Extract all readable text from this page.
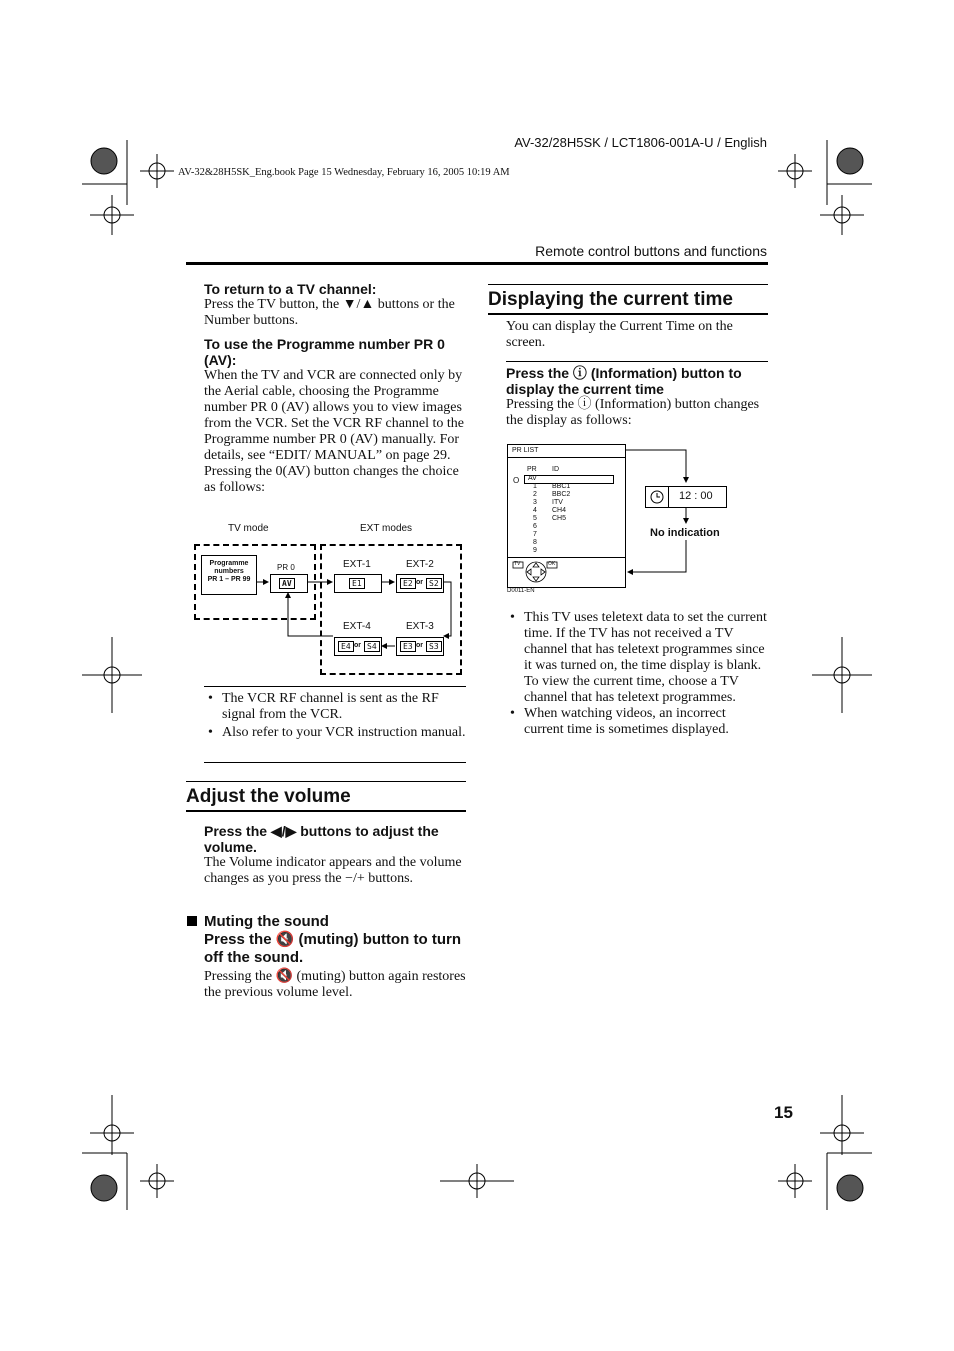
AV-32/28H5SK / LCT1806-001A-U / English
AV-32&28H5SK_Eng.book Page 15 Wednesday, February 16, 2005 10:19 AM
Remote control buttons and functions
To return to a TV channel:
Press the TV button, the ▼/▲ buttons or the Number buttons.
To use the Programme number PR 0 (AV):
When the TV and VCR are connected only by the Aerial cable, choosing the Programme number PR 0 (AV) allows you to view images from the VCR. Set the VCR RF channel to the Programme number PR 0 (AV) manually. For details, see “EDIT/ MANUAL” on page 29.
Pressing the 0(AV) button changes the choice as follows:
TV mode	EXT modes
Programme numbers
PR 1 – PR 99
PR 0
AV
EXT-1
E1
EXT-2
E2 or S2
EXT-4
E4 or S4
EXT-3
E3 or S3
• The VCR RF channel is sent as the RF signal from the VCR.
• Also refer to your VCR instruction manual.
Adjust the volume
Press the ◀/▶ buttons to adjust the volume.
The Volume indicator appears and the volume changes as you press the −/+ buttons.
Muting the sound
Press the 🔇 (muting) button to turn off the sound.
Pressing the 🔇 (muting) button again restores the previous volume level.
Displaying the current time
You can display the Current Time on the screen.
Press the ⓘ (Information) button to display the current time
Pressing the ⓘ (Information) button changes the display as follows:
PR LIST
PR ID
O AV
1
2
3
4
5
6
7
8
9
BBC1
BBC2
ITV
CH4
CH5
TV	OK
D0011-EN
12 : 00
No indication
• This TV uses teletext data to set the current time. If the TV has not received a TV channel that has teletext programmes since it was turned on, the time display is blank. To view the current time, choose a TV channel that has teletext programmes.
• When watching videos, an incorrect current time is sometimes displayed.
15
